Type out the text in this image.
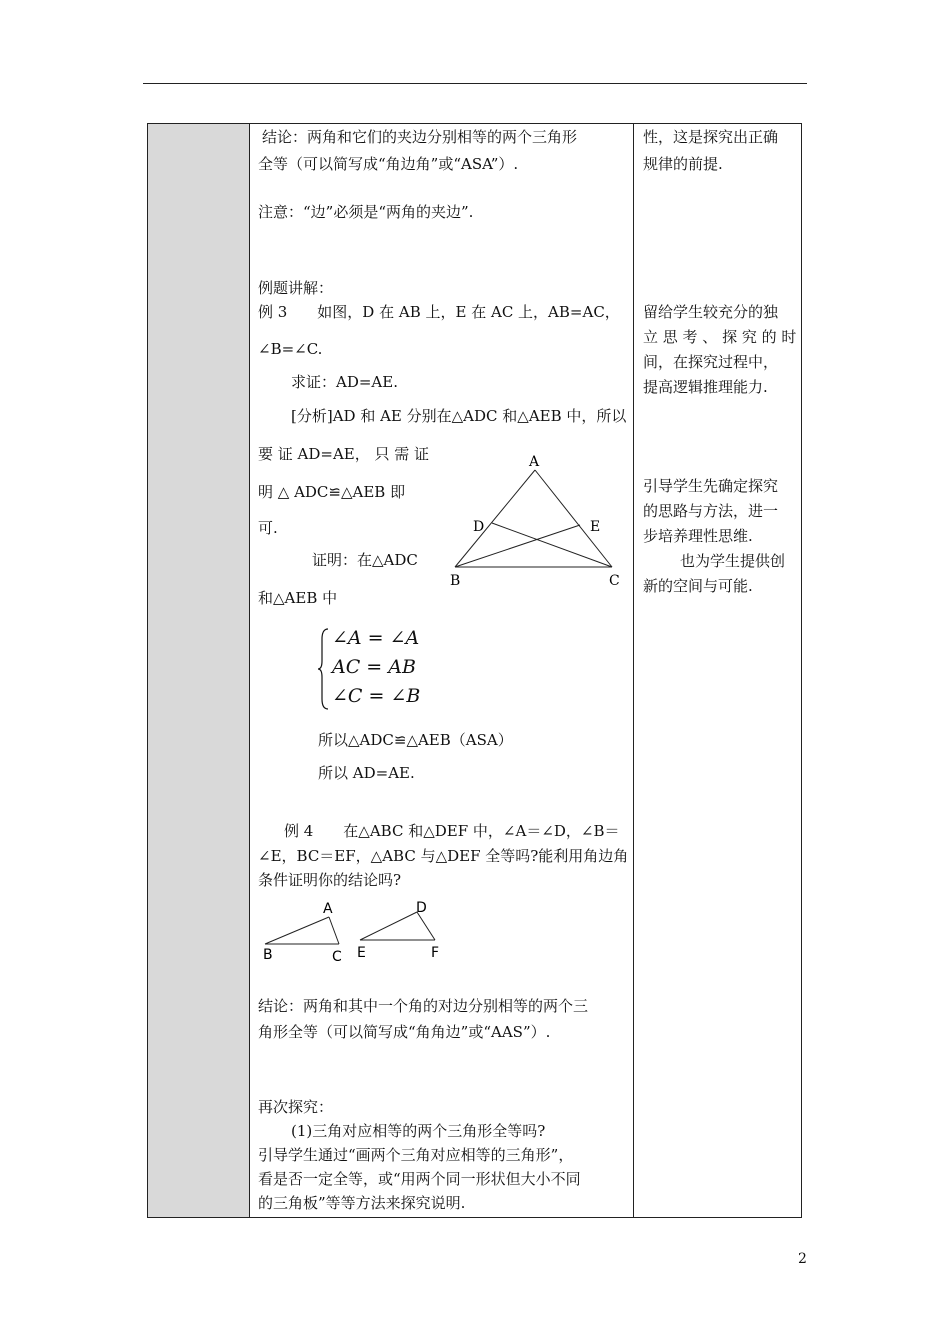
结论：两角和它们的夹边分别相等的两个三角形
全等（可以简写成“角边角”或“ASA”）.
注意：“边”必须是“两角的夹边”.
例题讲解：
例 3　　如图，D 在 AB 上，E 在 AC 上，AB=AC，
∠B=∠C.
求证：AD=AE.
[分析]AD 和 AE 分别在△ADC 和△AEB 中，所以
要 证 AD=AE， 只 需 证
明 △ ADC≌△AEB 即
可.
证明：在△ADC
和△AEB 中
∠A = ∠A
AC = AB
∠C = ∠B
所以△ADC≌△AEB（ASA）
所以 AD=AE.
A
D	E
B	C
例 4　　在△ABC 和△DEF 中，∠A＝∠D，∠B＝
∠E，BC＝EF，△ABC 与△DEF 全等吗?能利用角边角
条件证明你的结论吗?
A
B	C
D
E	F
结论：两角和其中一个角的对边分别相等的两个三
角形全等（可以简写成“角角边”或“AAS”）.
再次探究：
(1)三角对应相等的两个三角形全等吗?
引导学生通过“画两个三角对应相等的三角形”，
看是否一定全等，或“用两个同一形状但大小不同
的三角板”等等方法来探究说明.
性，这是探究出正确
规律的前提.
留给学生较充分的独
立 思 考 、 探 究 的 时
间，在探究过程中，
提高逻辑推理能力.
引导学生先确定探究
的思路与方法，进一
步培养理性思维.
也为学生提供创
新的空间与可能.
2
